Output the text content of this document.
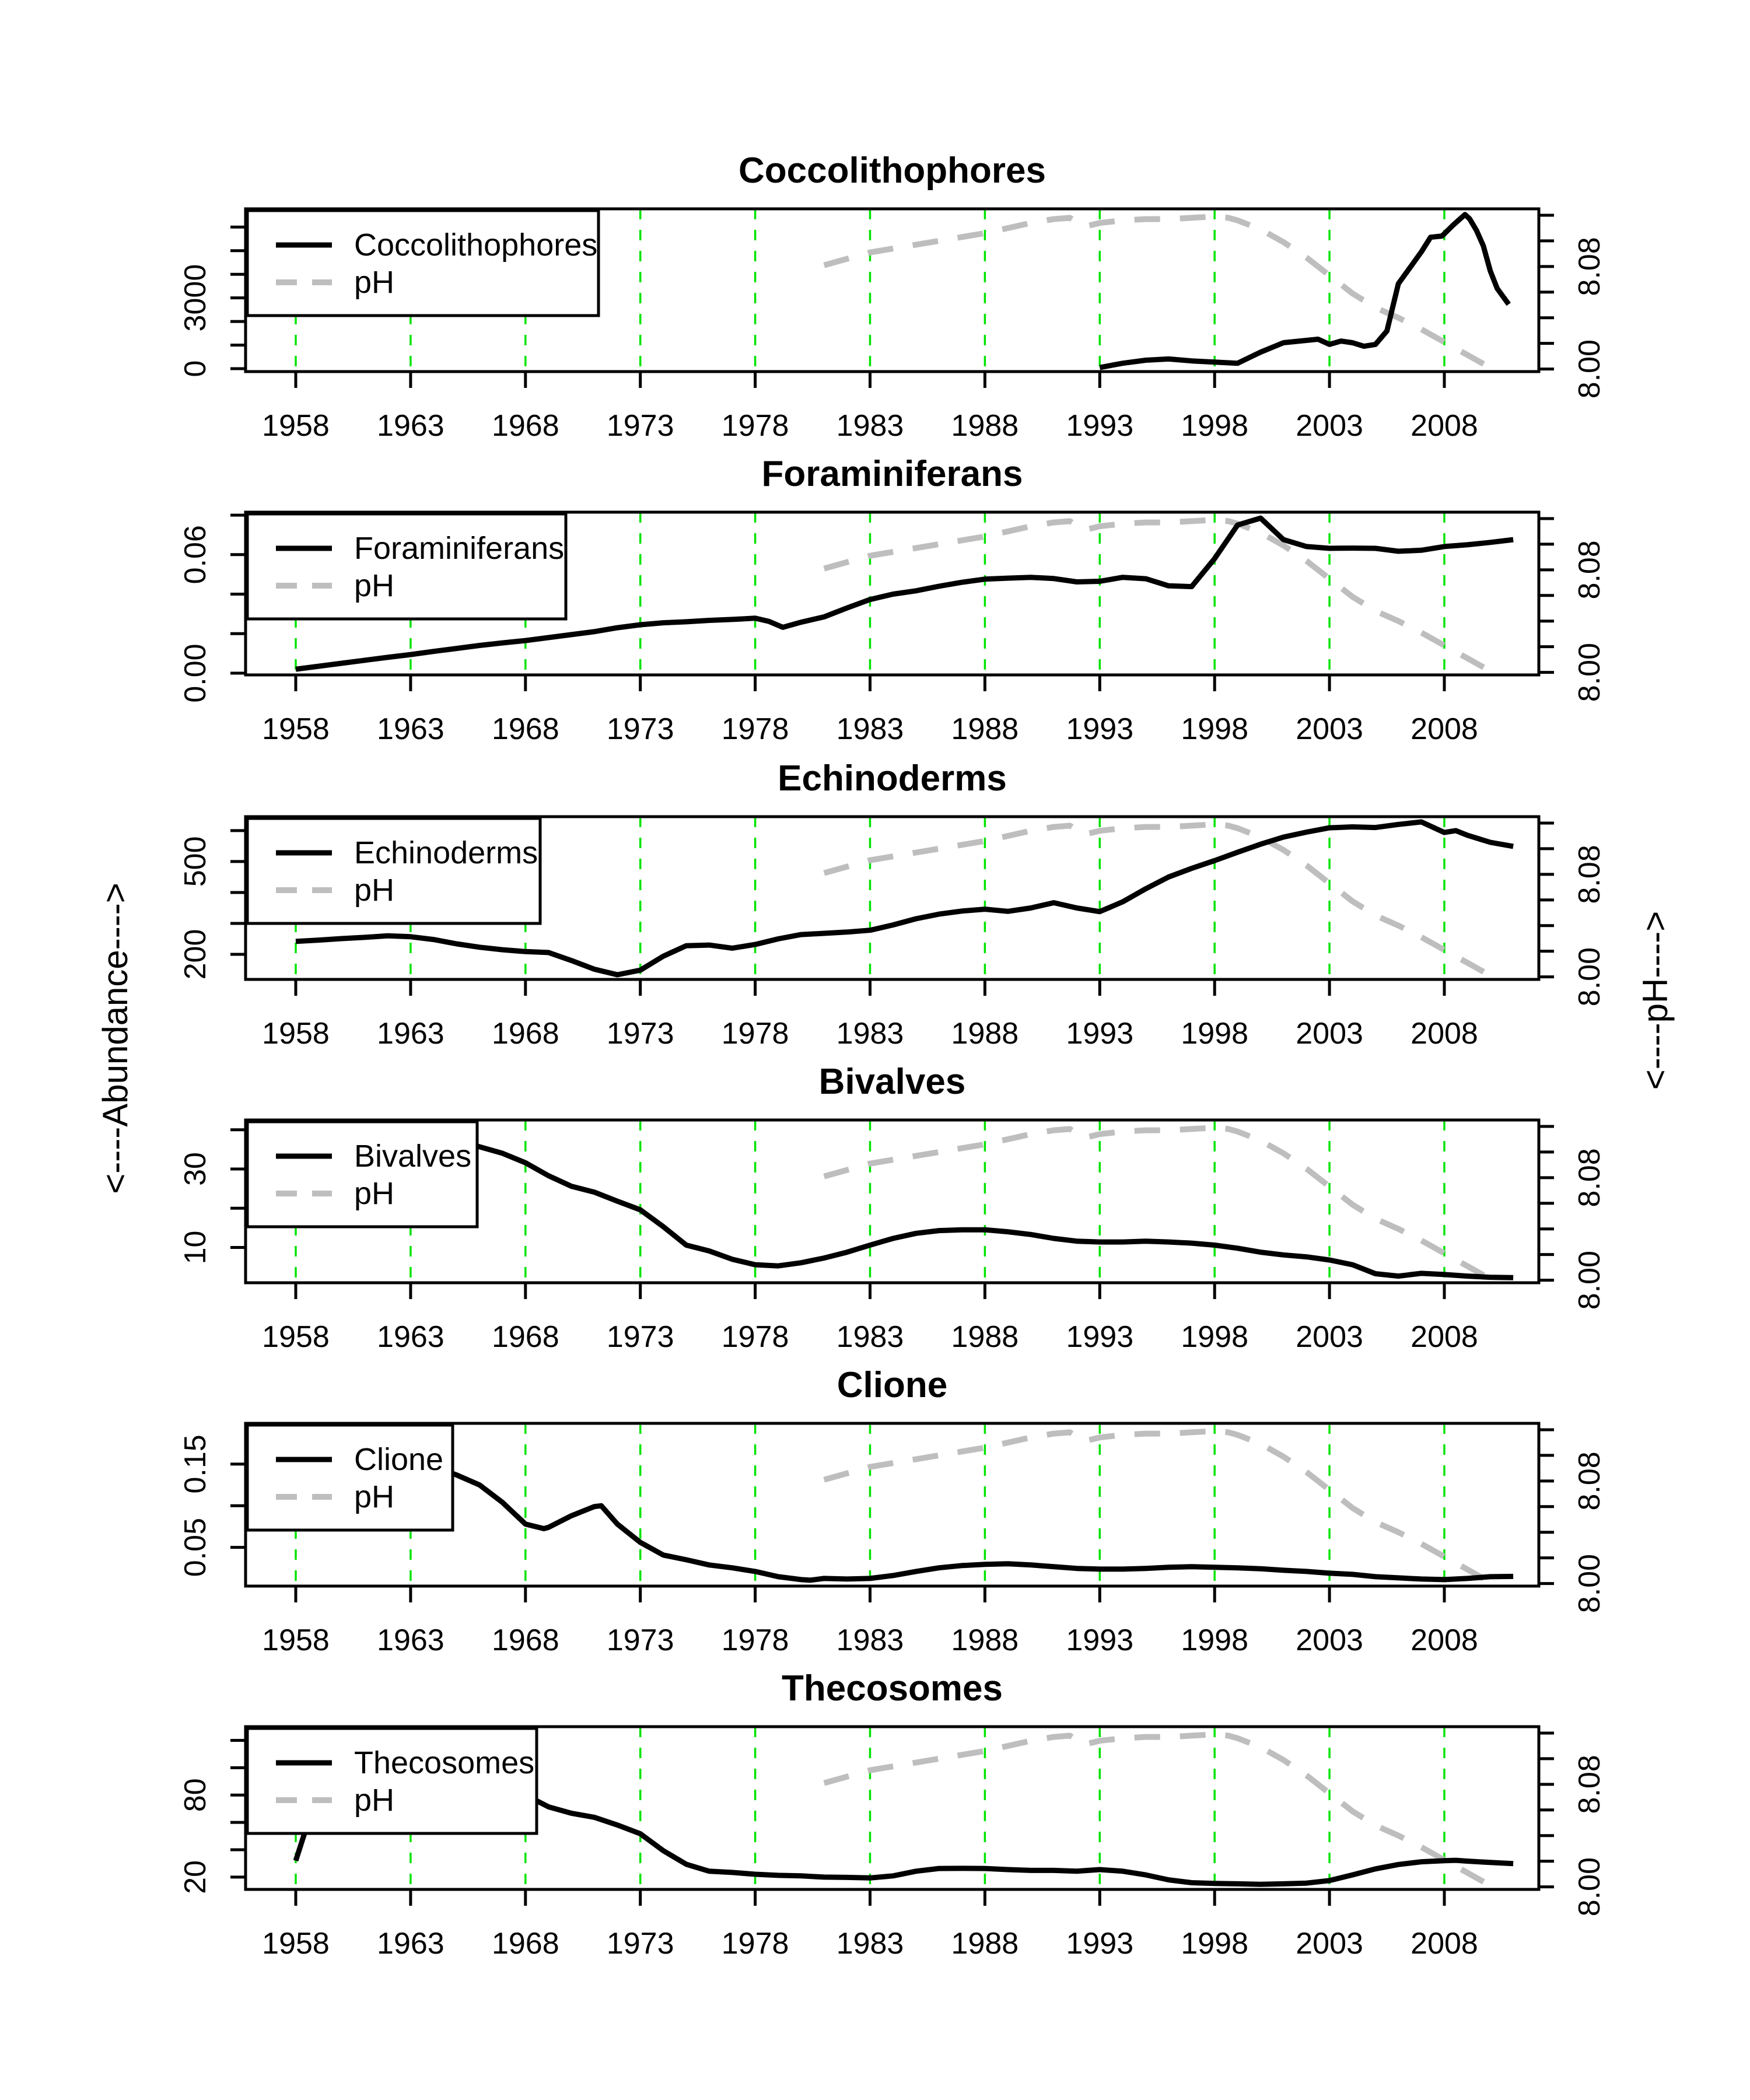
1958 1963 1968 1973 1978 1983 1988 1993 1998 2003 2008
0
3000
8.00
8.08
Coccolithophores
pH
Coccolithophores
1958 1963 1968 1973 1978 1983 1988 1993 1998 2003 2008
0.00
0.06
8.00
8.08
Foraminiferans
pH
Foraminiferans
1958 1963 1968 1973 1978 1983 1988 1993 1998 2003 2008
200
500
8.00
8.08
Echinoderms
pH
Echinoderms
1958 1963 1968 1973 1978 1983 1988 1993 1998 2003 2008
10
30
8.00
8.08
Bivalves
pH
Bivalves
1958 1963 1968 1973 1978 1983 1988 1993 1998 2003 2008
0.05
0.15
8.00
8.08
Clione
pH
Clione
1958 1963 1968 1973 1978 1983 1988 1993 1998 2003 2008
20
80
8.00
8.08
Thecosomes
pH
Thecosomes
<----Abundance---->	<----pH---->
